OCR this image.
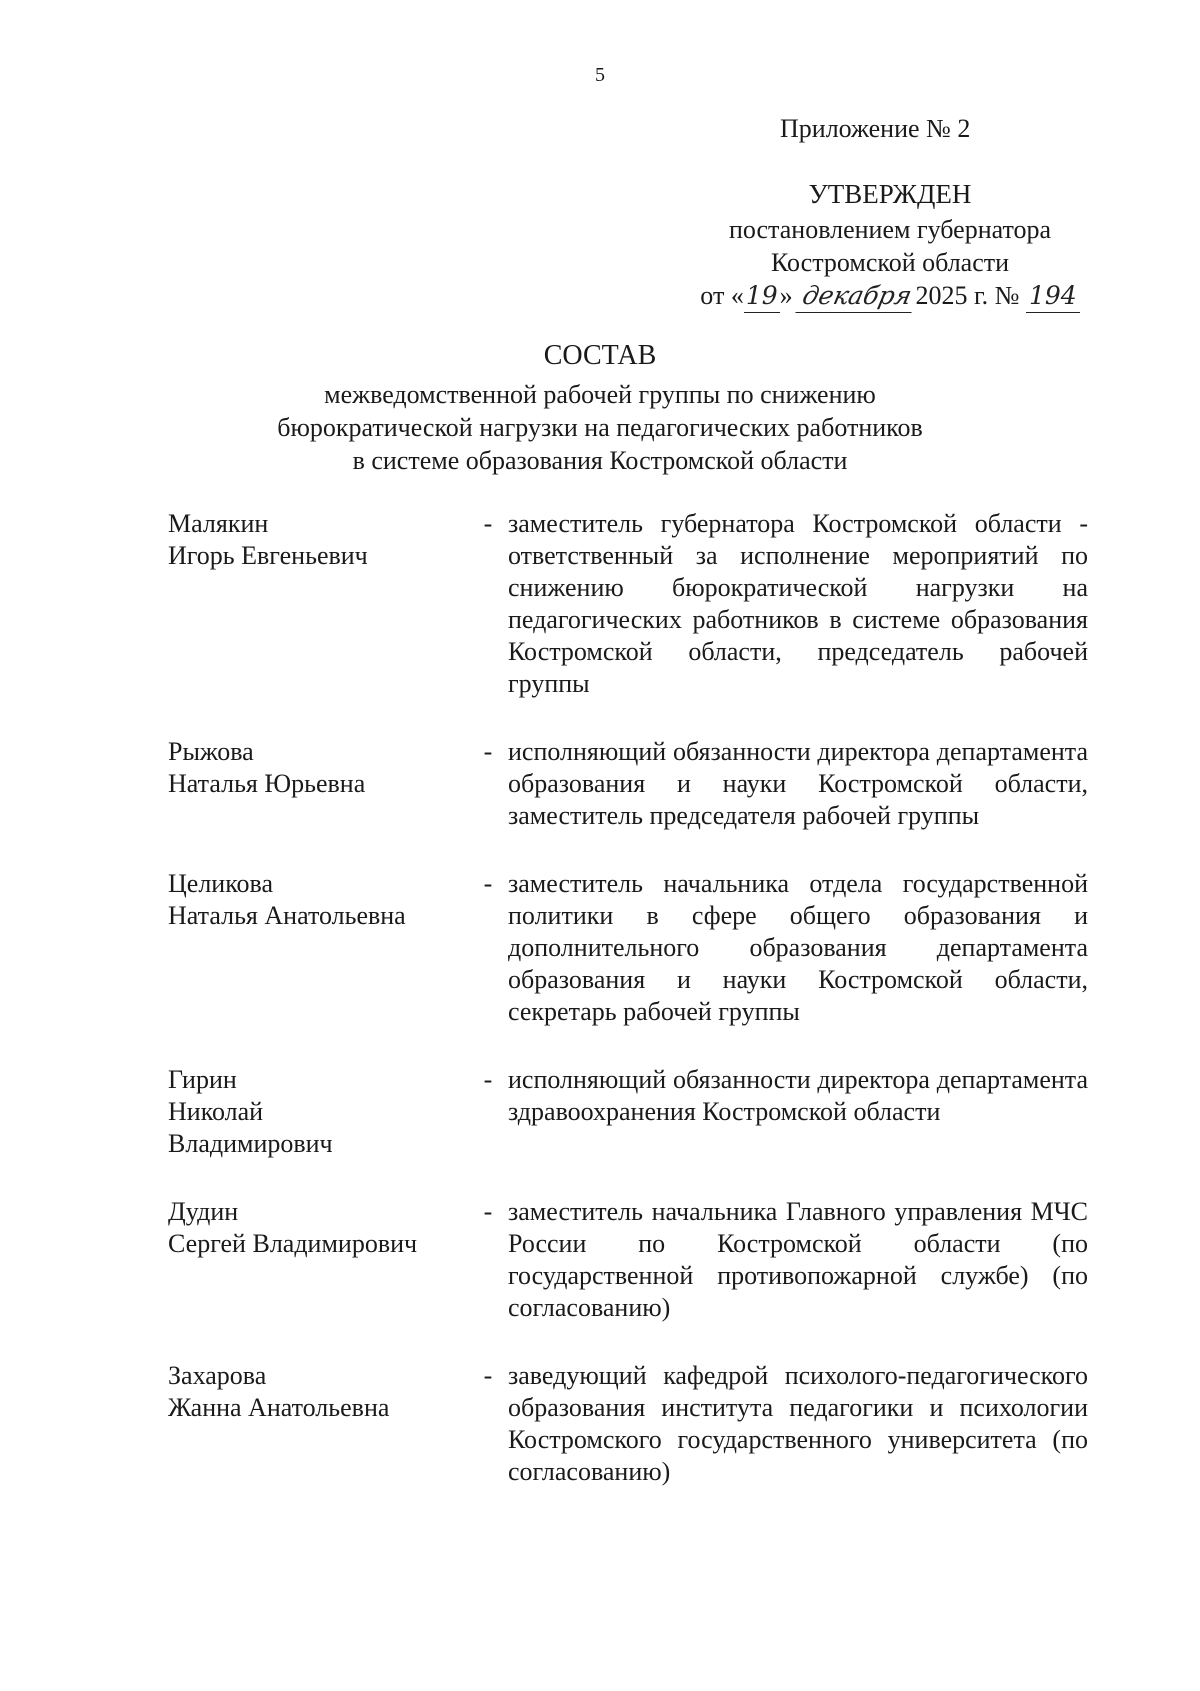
5
Приложение № 2
УТВЕРЖДЕН
постановлением губернатора
Костромской области
от «19» декабря2025 г. № 194
СОСТАВ
межведомственной рабочей группы по снижению
бюрократической нагрузки на педагогических работников
в системе образования Костромской области
Малякин
Игорь Евгеньевич
- заместитель губернатора Костромской области - ответственный за исполнение мероприятий по снижению бюрократической нагрузки на педагогических работников в системе образования Костромской области, председатель рабочей группы
Рыжова
Наталья Юрьевна
- исполняющий обязанности директора департамента образования и науки Костромской области, заместитель председателя рабочей группы
Целикова
Наталья Анатольевна
- заместитель начальника отдела государственной политики в сфере общего образования и дополнительного образования департамента образования и науки Костромской области, секретарь рабочей группы
Гирин
Николай
Владимирович
- исполняющий обязанности директора департамента здравоохранения Костромской области
Дудин
Сергей Владимирович
- заместитель начальника Главного управления МЧС России по Костромской области (по государственной противопожарной службе) (по согласованию)
Захарова
Жанна Анатольевна
- заведующий кафедрой психолого-педагогического образования института педагогики и психологии Костромского государственного университета (по согласованию)
